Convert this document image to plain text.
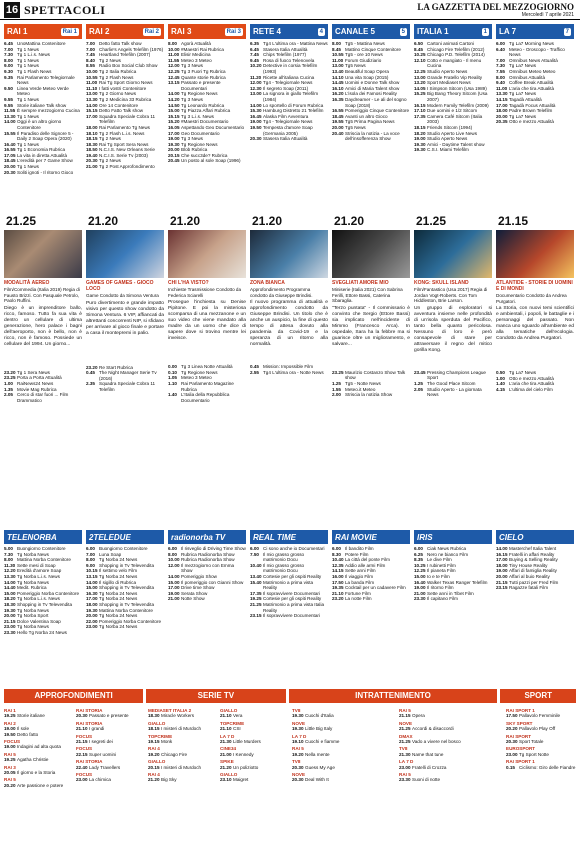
16 SPETTACOLI	LA GAZZETTA DEL MEZZOGIORNO
Mercoledì 7 aprile 2021
RAI 1	Rai 1
6.45 UnoMattina Contenitore
7.00 Tg 1 News
7.30 Tg 1 L.i.s. News
8.00 Tg 1 News
9.00 Tg 1 News
9.30 Tg 1 Flash News
9.35 Rai Parlamento Telegiornale News
9.50 Linea Verde Meteo Verde Meteo
9.55 Tg 1 News
9.55 Storie italiane Talk show
11.55 È sempre mezzogiorno Cucina
13.30 Tg 1 News
14.00 Oggi è un altro giorno Contenitore
15.55 Il Paradiso delle Signore 5 - Daily 2 Soap Opera (2020)
16.40 Tg 1 News
16.55 Tg 1 Economia Rubrica
17.05 La vita in diretta Attualità
18.45 L'eredità per 7 Game Show
20.00 Tg 1 News
20.30 Soliti ignoti - Il ritorno Gioco
21.25
MODALITÀ AEREO
Film/Commedia (Italia 2019) Regia di Fausto Brizzi. Con Pasquale Petrolo, Paolo Ruffini.
Diego è un imprenditore ballo, ricco, famoso. Tutto fa sua vita è dentro un cellulare di ultima generazione, hero palace i bagni dell'aeroporto, non è bello, non è ricco, non è famoso. Possiede un cellulare del 1994. Un giorno...
23.20 Tg 1 Sera News
23.25 Porta a Porta Attualità
1.00 RaiNews24 News
1.35 Movie Mag Rubrica
2.05 Cerco di star fuori ... Film Drammatico
RAI 2	Rai 2
7.00 Detto fatto Talk show
7.00 Charlie's Angels Telefilm (1976)
7.45 Heartland Telefilm (2007)
8.40 Tg 2 News
8.55 Radio Box Social Club Show
10.00 Tg 2 Italia Rubrica
10.55 Tg 2 Flash News
11.00 Rai Tg Sport Giorno News
11.10 I fatti vostri Contenitore
13.00 Tg 2 Giorno News
13.30 Tg 2 Medicina 33 Rubrica
14.00 Ore 14 Contenitore
15.15 Detto Fatto Talk show
17.00 Squadra Speciale Cobra 11 Telefilm
18.00 Rai Parlamento Tg News
18.10 Tg 2 Flash L.i.s. News
18.15 Tg 2 News
18.30 Rai Tg Sport Sera News
18.50 N.C.I.S. New Orleans Serie
19.40 N.C.I.S. Serie Tv (2003)
20.30 Tg 2 News
21.00 Tg 2 Post Approfondimento
21.20
GAMES OF GAMES - GIOCO LOCO
Game Condotto da Simona Ventura
Puro divertimento e grande impatto visivo per questo show condotto da Simona Ventura. 6 VIP, affiancati da altrettanti concorrenti NIP, si sfidano per arrivare al gioco finale e portare a casa il montepremi in palio.
23.20 Re Start Rubrica
0.45 The Night Manager Serie Tv (2016)
2.35 Squadra Speciale Cobra 11 Telefilm
RAI 3	Rai 3
8.00 Agorà Attualità
10.00 #Maestri Rai Rubrica
11.00 Elisir Medicina
11.55 Meteo 3 Meteo
12.00 Tg 3 News
12.25 Tg 3 Fuori Tg Rubrica
12.45 Quante storie Rubrica
13.15 Passato e presente Documentari
14.00 Tg Regione News
14.20 Tg 3 News
14.50 Tg Leonardo Rubrica
15.00 Tg Piazza Affari Rubrica
15.15 Tg 3 L.i.s. News
15.20 #Maestri Documentario
16.05 Aspettando Geo Documentario
17.00 Geo Documentario
19.00 Tg 3 News
19.30 Tg Regione News
20.00 Blob Rubrica
20.15 Che succ3de? Rubrica
20.45 Un posto al sole Soap (1996)
21.20
CHI L'HA VISTO?
Inchieste Trasmissione Condotto da Federica Sciarelli
Prosegue l'inchiesta su Denise Pipitone. E poi la misteriosa scomparsa di una mezzanone e un suo video che viene mandato alla madre da un uomo che dice di sapere dove si trovino mentre lei inveisce.
0.00 Tg 3 Linea Notte Attualità
0.10 Tg Regione News
1.05 Meteo 3 Meteo
1.10 Rai Parlamento Magazine Rubrica
1.40 L'Italia della Repubblica Documentario
RETE 4	4
6.35 Tg4 L'ultima ora - Mattina News
6.45 Stasera Italia Attualità
7.45 Chips Telefilm (1977)
9.45 Rosa di fuoco Telenovela
10.20 Detective in corsia Telefilm (1993)
11.20 Ricette all'italiana Cucina
12.00 Tg4 - Telegiornale News
12.30 Il segreto Soap (2011)
13.00 La signora in giallo Telefilm (1984)
14.00 Lo sportello di Forum Rubrica
15.30 Hamburg Distretto 21 Telefilm
16.45 Alaska Film Avventura
19.00 Tg4 - Telegiornale News
19.50 Tempesta d'amore Soap (Germania 2005)
20.30 Stasera Italia Attualità
21.20
ZONA BIANCA
Approfondimento Programma condotto da Giuseppe Brindisi.
Il nuovo programma di attualità e approfondimento condotto da Giuseppe Brindisi. Un titolo che è anche un auspicio, la fine di questo tempo di attesa dovuto alla pandemia da Covid-19 e la speranza di un ritorno alla normalità.
0.45 Mission: Impossible Film
2.55 Tg4 L'ultima ora - Notte News
CANALE 5	5
8.00 Tg5 - Mattina News
8.45 Mattino Cinque Contenitore
10.55 Tg5 - ore 10 News
11.00 Forum Giudiziario
13.00 Tg5 News
13.40 Beautiful Soap Opera
14.10 Una vita Soap (2015)
14.45 Uomini e Donne Talk show
16.10 Amici di Maria Talent show
16.20 L'isola dei Famosi Reality
16.35 Daydreamer - Le ali del sogno Soap (2018)
16.55 Pomeriggio Cinque Contenitore
18.45 Avanti un altro Gioco
19.55 Tg5 Prima Pagina News
20.00 Tg5 News
20.40 Striscia la notizia - La voce dell'insofferenza Show
21.20
SVEGLIATI AMORE MIO
Miniserie (Italia 2021) Con Sabrina Ferilli, Ettore Bassi, Caterina Sbaraglia.
"Terzo puntata" - Il commissario è convinto che Sergio (Ettore Bassi) sia implicato nell'incidente di Mimmo (Francesco Arca). In ospedale, Sara ha la febbre ma si guarisce oltre un miglioramento, e salvare...
23.25 Maurizio Costanzo Show Talk show
1.25 Tg5 - Notte News
1.55 Meteo.it Meteo
2.00 Striscia la notizia Show
ITALIA 1	1
6.50 Cartoni animati Cartoni
8.45 Chicago Fire Telefilm (2012)
10.25 Chicago P.D. Telefilm (2014)
12.10 Cotto e mangiato - Il menu Cucina
12.25 Studio Aperto News
13.00 Grande Fratello Vip Reality
13.20 Sport Mediaset News
14.05 I Simpson Sitcom (Usa 1989)
15.25 Big Bang Theory Sitcom (Usa 2007)
16.15 Modern Family Telefilm (2009)
17.10 Due uomini e 1/2 Sitcom
17.35 Camera Café Sitcom (Italia 2003)
18.15 Friends Sitcom (1994)
18.20 Studio Aperto Live News
19.00 Studio Aperto News
19.30 Amici - Daytime Talent show
19.30 C.S.I. Miami Telefilm
21.25
KONG: SKULL ISLAND
Film/Fantastico (Usa 2017) Regia di Jordan Vogt-Roberts. Con Tom Hiddleston, Brie Larson.
Un gruppo di esploratori si avventura insieme nelle profondità di un'isola sperduta del Pacifico, tanto bella quanto pericolosa. Nessuno di loro è però consapevole di stare per attraversare il regno del mitico gorilla Kong.
23.45 Pressing Champions League Sport
1.25 The Good Place Sitcom
2.05 Studio Aperto - La giornata News
LA 7	7
6.00 Tg La7 Morning News
6.40 Meteo - Oroscopo - Traffico News
7.00 Omnibus News Attualità
7.30 Tg La7 News
7.55 Omnibus Meteo Meteo
8.00 Omnibus Attualità
9.40 Coffee Break Attualità
11.00 L'aria che tira Attualità
13.30 Tg La7 News
14.15 Tagadà Attualità
17.00 Tagadà Focus Attualità
18.00 Padre Brown Telefilm
20.00 Tg La7 News
20.35 Otto e mezzo Attualità
21.15
ATLANTIDE - STORIE DI UOMINI E DI MONDI
Documentario Condotto da Andrea Purgatori.
La Storia, con nuovi temi scientifici e ambientali, i popoli, le battaglie e i personaggi del passato. Non manca uno sguardo all'ambiente ed alla tematiche dell'ecologia. Condotto da Andrea Purgatori.
0.50 Tg La7 News
1.00 Otto e mezzo Attualità
1.40 L'aria che tira Attualità
4.15 L'ultima del cielo Film
TELENORBA
5.00 Buongiorno Contenitore
7.30 Tg Norba News
8.00 Mattina Norba Contenitore
11.30 Sette mesi di Soap
12.20 Eredità d'amore Soap
13.30 Tg Norba L.i.s. News
14.00 Tg Norba News
14.40 Medit. Rubrica
15.00 Pomeriggio Norba Contenitore
18.20 Tg Norba L.i.s. News
18.30 Shopping in Tv Televendita
19.30 Tg Norba News
20.00 Tg Norba Sport
21.15 Dolce Valentina Soap
23.00 Tg Norba News
23.30 Hello Tg Norba 24 News
2TELEDUE
6.00 Buongiorno Contenitore
7.00 Luna Soap
8.00 Tg Norba 24 News
9.00 Shopping in Tv Televendita
10.15 Il settimo velo Film
13.15 Tg Norba 24 News
14.00 Il sigillo di Rubrica
15.00 Shopping in Tv Televendita
16.30 Tg Norba 24 News
17.00 Tg Norba 24 News
18.00 Shopping in Tv Televendita
19.30 Mattina Norba Contenitore
20.00 Tg Norba 24 News
22.00 Pomeriggio Norba Contenitore
23.00 Tg Norba 24 News
radionorba TV
6.00 Il risveglio di Driving Time Show
8.00 Rubrica Radionorba Show
10.00 Rubrica Radionorba Show
12.00 Il mezzogiorno con Emma Show
14.00 Pomeriggio Show
15.00 Il pomeriggio con Gianni Show
17.00 Drive time Show
19.00 Serata Show
21.00 Notte Show
REAL TIME
6.00 Ci sono anche io Documentari
7.50 Il mio grasso grosso matrimonio Docu
10.40 Il mio grasso grosso matrimonio Docu
13.40 Cortesie per gli ospiti Reality
15.40 Matrimonio a prima vista Reality
17.35 Il sopravvivere Documentari
19.25 Cortesie per gli ospiti Reality
21.25 Matrimonio a prima vista Italia Reality
23.15 Il sopravvivere Documentari
RAI MOVIE
6.00 Il bandito Film
8.30 Potere Film
10.40 La città del ponte Film
12.35 Addio alle armi Film
14.15 Sette anni Film
16.00 Il viaggio Film
17.50 La banda Film
19.35 Cocktail per un cadavere Film
21.10 Fortune Film
23.20 La notte Film
IRIS
6.00 Ciak News Rubrica
6.25 Nero ne bianco Film
8.35 Le dive Film
10.25 I rubinetti Film
12.25 Il pianeta Film
15.00 Io e te Film
16.40 Walker Texas Ranger Telefilm
19.00 Il ritorno Film
21.00 Sette anni in Tibet Film
23.30 Il capitano Film
CIELO
14.00 Masterchef Italia Talent
16.15 Fratelli in affari Reality
17.00 Buying & Selling Reality
18.00 Tiny House Reality
19.00 Affari di famiglia Reality
20.00 Affari al buio Reality
21.15 Tutti pazzi per Fred Film
23.15 Ragazze fatali Film
APPROFONDIMENTI	SERIE TV	INTRATTENIMENTO	SPORT
RAI 1
19.25 Storie italiane
RAI 2
19.00 Il sole
19.50 Detto fatto
FOCUS
19.00 Indagini ad alta quota
RAI 5
19.25 Agatha Christie
RAI 3
20.05 Il giorno e la Storia
RAI 5
20.20 Arte passione e potere
RAI STORIA
20.30 Passato e presente
RAI STORIA
21.10 I grandi
FOCUS
21.15 I segreti dei
FOCUS
22.15 Super uomini
RAI STORIA
22.40 Lady Travellers
FOCUS
23.00 La chimica
MEDIASET ITALIA 2
18.30 Miracle Workers
GIALLO
18.15 I misteri di Murdoch
TOPCRIME
19.15 Monk
RAI 4
19.20 Chicago Fire
GIALLO
20.15 I misteri di Murdoch
RAI 4
21.20 Big Sky
GIALLO
21.10 Vera
TOPCRIME
21.10 CSI
LA 7 D
21.30 Little Murders
CINE34
21.00 I Kennedy
SPIKE
21.20 Un poliziotto
GIALLO
23.10 Maigret
TV8
19.30 Cuochi d'Italia
NOVE
19.30 Little Big Italy
LA 7 D
19.10 Cuochi e fiamme
RAI 5
19.20 Nella mente
TV8
20.30 Guess My Age
NOVE
20.30 Deal With It
RAI 5
21.15 Opera
NOVE
21.25 Accordi & disaccordi
DMAX
21.25 Vado a vivere nel bosco
TV8
21.30 Name that tune
LA 7 D
23.00 Fratelli di Crozza
RAI 5
23.30 Suoni di notte
RAI SPORT 1
17.50 Pallavolo Femminile
SKY SPORT
20.20 Pallavolo Play Off
RAI SPORT
20.30 Sport Totale
EUROSPORT
23.00 Tg Sport Notte
RAI SPORT 1
0.15 Ciclismo: Giro delle Fiandre
